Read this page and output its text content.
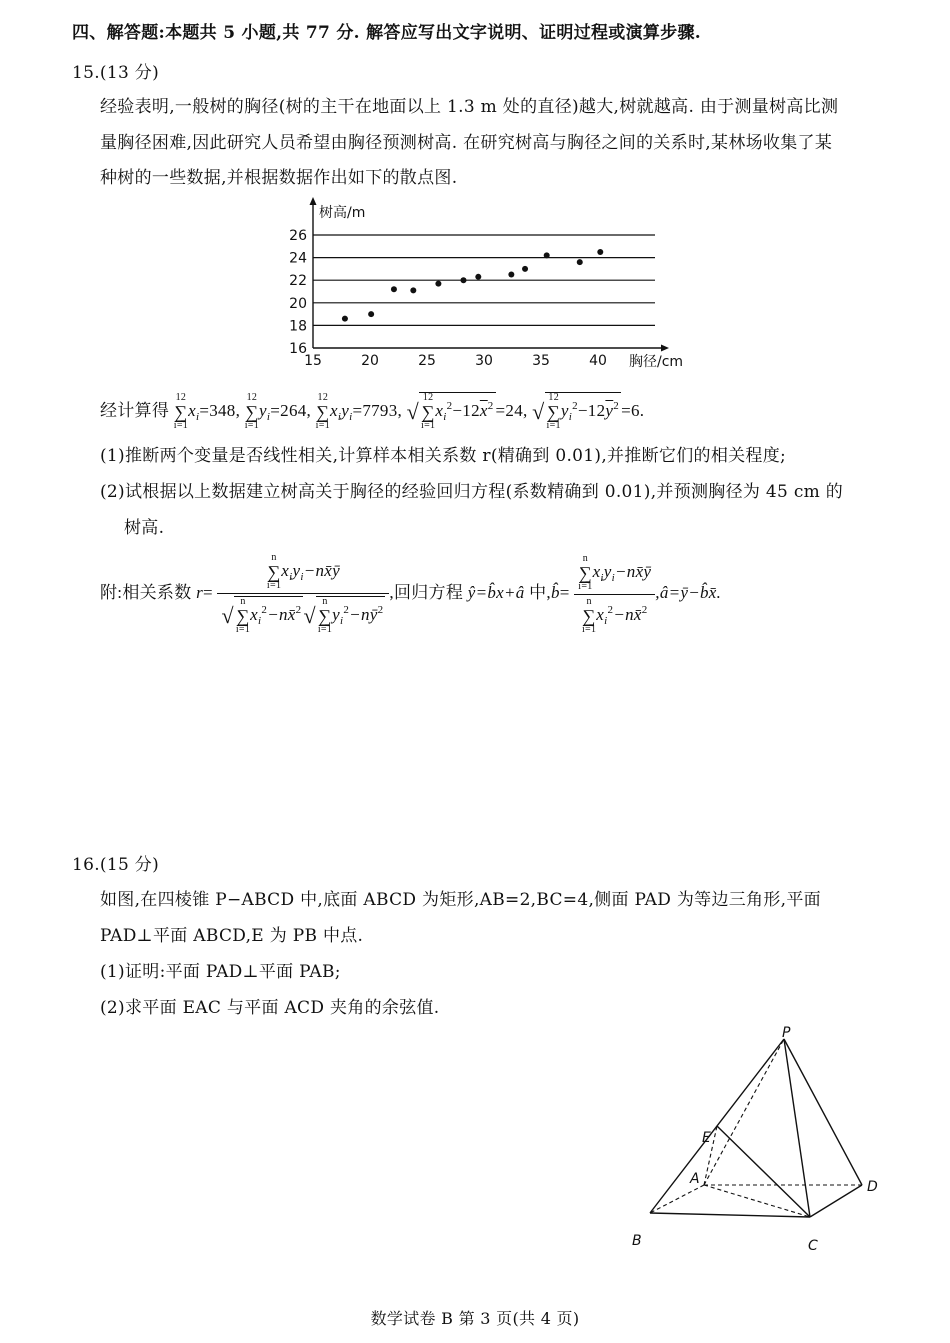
四、解答题:本题共 5 小题,共 77 分. 解答应写出文字说明、证明过程或演算步骤.
15.(13 分)
经验表明,一般树的胸径(树的主干在地面以上 1.3 m 处的直径)越大,树就越高. 由于测量树高比测
量胸径困难,因此研究人员希望由胸径预测树高. 在研究树高与胸径之间的关系时,某林场收集了某
种树的一些数据,并根据数据作出如下的散点图.
15	20	25	30	35	40
16
18
20
22
24
26
树高/m
胸径/cm
经计算得
12
∑
i=1
$x_i=348$,
12
∑
i=1
$y_i=264$,
12
∑
i=1
$x_iy_i=7793$, √
12
∑
i=1
$x_i^2-12\overline{x}^2 =24$, √
12
∑
i=1
$y_i^2-12\overline{y}^2 =6$.
(1)推断两个变量是否线性相关,计算样本相关系数 r(精确到 0.01),并推断它们的相关程度;
(2)试根据以上数据建立树高关于胸径的经验回归方程(系数精确到 0.01),并预测胸径为 45 cm 的
树高.
附:相关系数 r= n
∑
i=1
$x_iy_i-nx̄ȳ$
√
n
∑
i=1
$x_i^2-nx̄^2√$
n
∑
i=1
$y_i^2-nȳ^2$ ,回归方程 ŷ=b̂x+â 中,b̂= n
∑
i=1
$x_iy_i-nx̄ȳ$
n
∑
i=1
$x_i^2-nx̄^2$ ,â=ȳ−b̂x̄.
16.(15 分)
如图,在四棱锥 P−ABCD 中,底面 ABCD 为矩形,AB=2,BC=4,侧面 PAD 为等边三角形,平面
PAD⊥平面 ABCD,E 为 PB 中点.
(1)证明:平面 PAD⊥平面 PAB;
(2)求平面 EAC 与平面 ACD 夹角的余弦值.
P
E
A
B	C
D
数学试卷 B 第 3 页(共 4 页)
